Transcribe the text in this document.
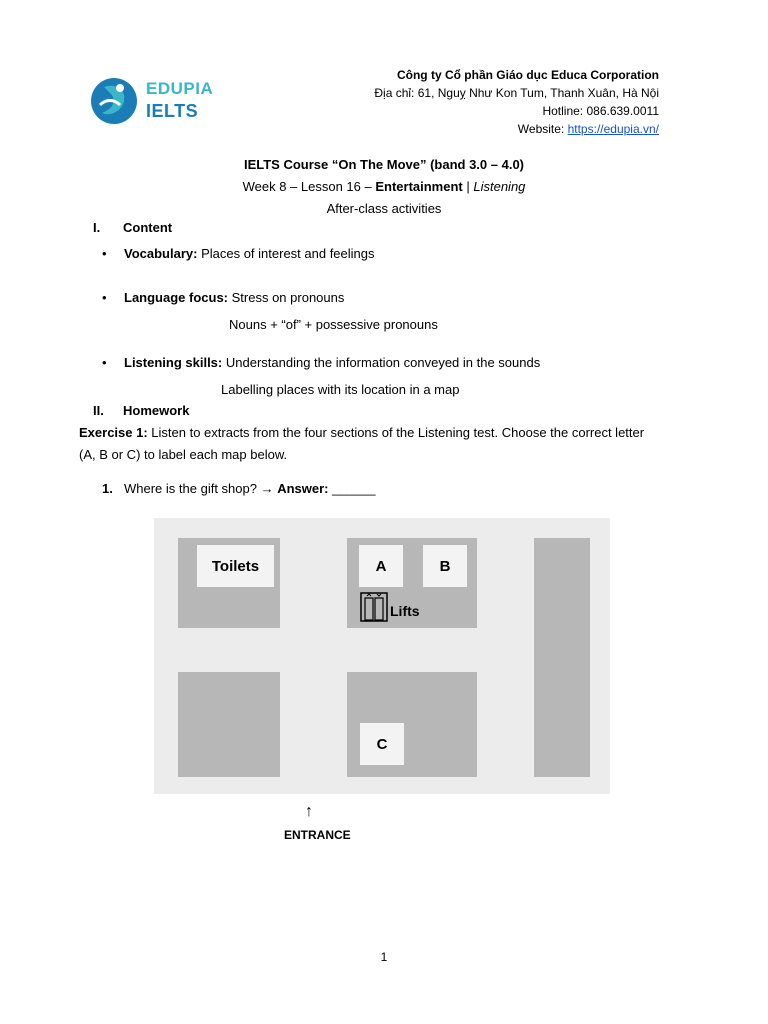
EDUPIA
IELTS
Công ty Cổ phần Giáo dục Educa Corporation
Địa chỉ: 61, Nguỵ Như Kon Tum, Thanh Xuân, Hà Nội
Hotline: 086.639.0011
Website: https://edupia.vn/
IELTS Course “On The Move” (band 3.0 – 4.0)
Week 8 – Lesson 16 – Entertainment | Listening
After-class activities
I. Content
• Vocabulary: Places of interest and feelings
• Language focus: Stress on pronouns
Nouns + “of” + possessive pronouns
• Listening skills: Understanding the information conveyed in the sounds
Labelling places with its location in a map
II. Homework
Exercise 1: Listen to extracts from the four sections of the Listening test. Choose the correct letter
(A, B or C) to label each map below.
1. Where is the gift shop? → Answer: ______
Toilets	A	B
Lifts
C
↑
ENTRANCE
1
